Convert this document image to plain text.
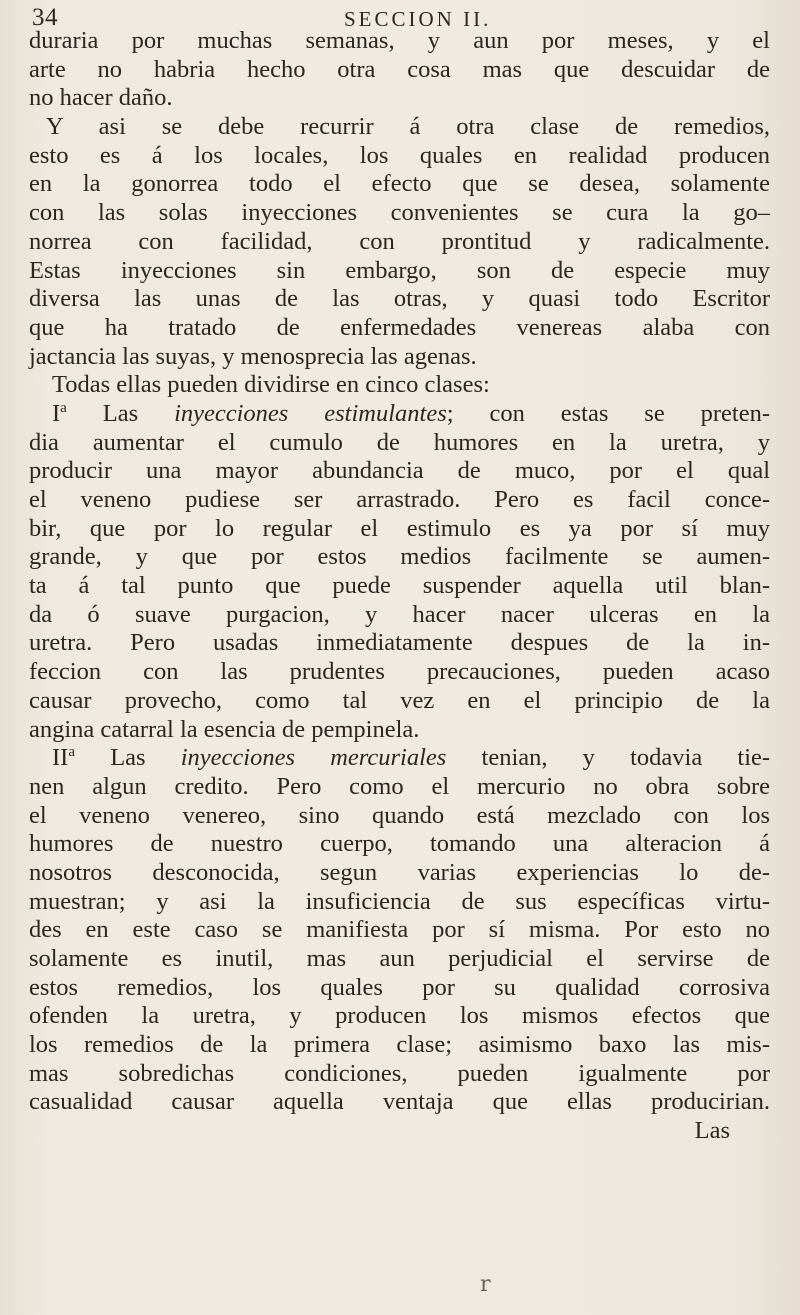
34	SECCION II.
duraria por muchas semanas, y aun por meses, y el
arte no habria hecho otra cosa mas que descuidar de
no hacer daño.
Y asi se debe recurrir á otra clase de remedios,
esto es á los locales, los quales en realidad producen
en la gonorrea todo el efecto que se desea, solamente
con las solas inyecciones convenientes se cura la go–
norrea con facilidad, con prontitud y radicalmente.
Estas inyecciones sin embargo, son de especie muy
diversa las unas de las otras, y quasi todo Escritor
que ha tratado de enfermedades venereas alaba con
jactancia las suyas, y menosprecia las agenas.
Todas ellas pueden dividirse en cinco clases:
$I^a$ Las inyecciones estimulantes; con estas se preten-
dia aumentar el cumulo de humores en la uretra, y
producir una mayor abundancia de muco, por el qual
el veneno pudiese ser arrastrado. Pero es facil conce-
bir, que por lo regular el estimulo es ya por sí muy
grande, y que por estos medios facilmente se aumen-
ta á tal punto que puede suspender aquella util blan-
da ó suave purgacion, y hacer nacer ulceras en la
uretra. Pero usadas inmediatamente despues de la in-
feccion con las prudentes precauciones, pueden acaso
causar provecho, como tal vez en el principio de la
angina catarral la esencia de pempinela.
$II^a$ Las inyecciones mercuriales tenian, y todavia tie-
nen algun credito. Pero como el mercurio no obra sobre
el veneno venereo, sino quando está mezclado con los
humores de nuestro cuerpo, tomando una alteracion á
nosotros desconocida, segun varias experiencias lo de-
muestran; y asi la insuficiencia de sus específicas virtu-
des en este caso se manifiesta por sí misma. Por esto no
solamente es inutil, mas aun perjudicial el servirse de
estos remedios, los quales por su qualidad corrosiva
ofenden la uretra, y producen los mismos efectos que
los remedios de la primera clase; asimismo baxo las mis-
mas sobredichas condiciones, pueden igualmente por
casualidad causar aquella ventaja que ellas producirian.
Las
r
